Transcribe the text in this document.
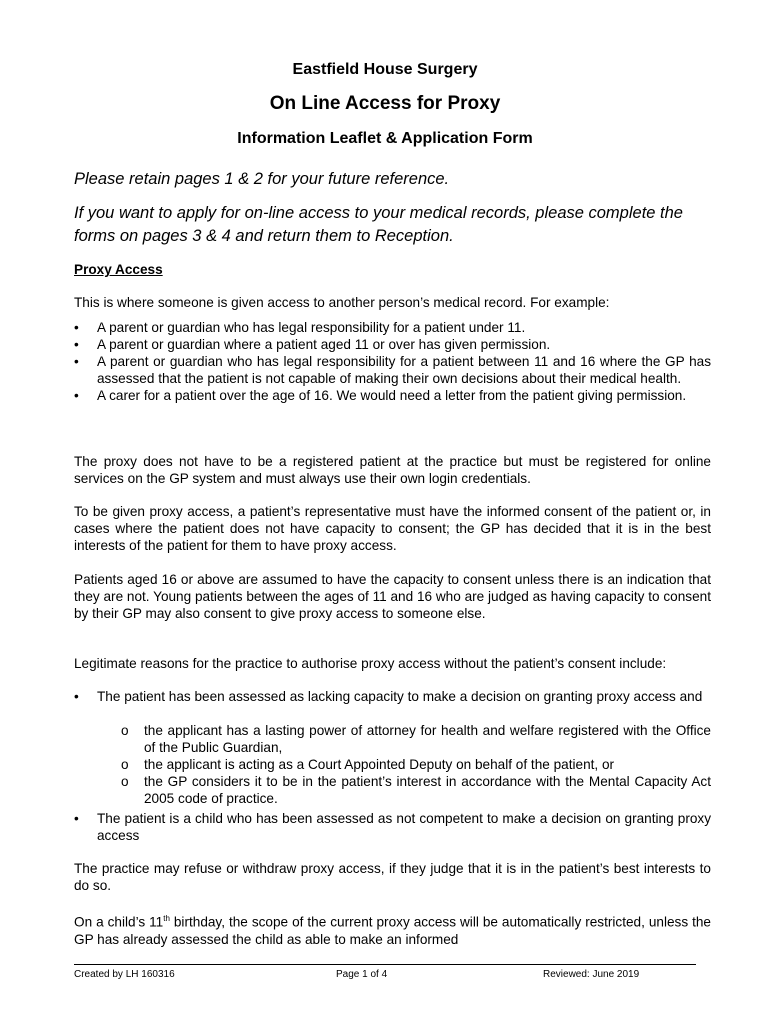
Eastfield House Surgery
On Line Access for Proxy
Information Leaflet & Application Form
Please retain pages 1 & 2 for your future reference.
If you want to apply for on-line access to your medical records, please complete the forms on pages 3 & 4 and return them to Reception.
Proxy Access
This is where someone is given access to another person’s medical record. For example:
• A parent or guardian who has legal responsibility for a patient under 11.
• A parent or guardian where a patient aged 11 or over has given permission.
• A parent or guardian who has legal responsibility for a patient between 11 and 16 where the GP has assessed that the patient is not capable of making their own decisions about their medical health.
• A carer for a patient over the age of 16. We would need a letter from the patient giving permission.
The proxy does not have to be a registered patient at the practice but must be registered for online services on the GP system and must always use their own login credentials.
To be given proxy access, a patient’s representative must have the informed consent of the patient or, in cases where the patient does not have capacity to consent; the GP has decided that it is in the best interests of the patient for them to have proxy access.
Patients aged 16 or above are assumed to have the capacity to consent unless there is an indication that they are not. Young patients between the ages of 11 and 16 who are judged as having capacity to consent by their GP may also consent to give proxy access to someone else.
Legitimate reasons for the practice to authorise proxy access without the patient’s consent include:
• The patient has been assessed as lacking capacity to make a decision on granting proxy access and
o the applicant has a lasting power of attorney for health and welfare registered with the Office of the Public Guardian,
o the applicant is acting as a Court Appointed Deputy on behalf of the patient, or
o the GP considers it to be in the patient’s interest in accordance with the Mental Capacity Act 2005 code of practice.
• The patient is a child who has been assessed as not competent to make a decision on granting proxy access
The practice may refuse or withdraw proxy access, if they judge that it is in the patient’s best interests to do so.
On a child’s 11th birthday, the scope of the current proxy access will be automatically restricted, unless the GP has already assessed the child as able to make an informed
Created by LH 160316	Page 1 of 4	Reviewed: June 2019
